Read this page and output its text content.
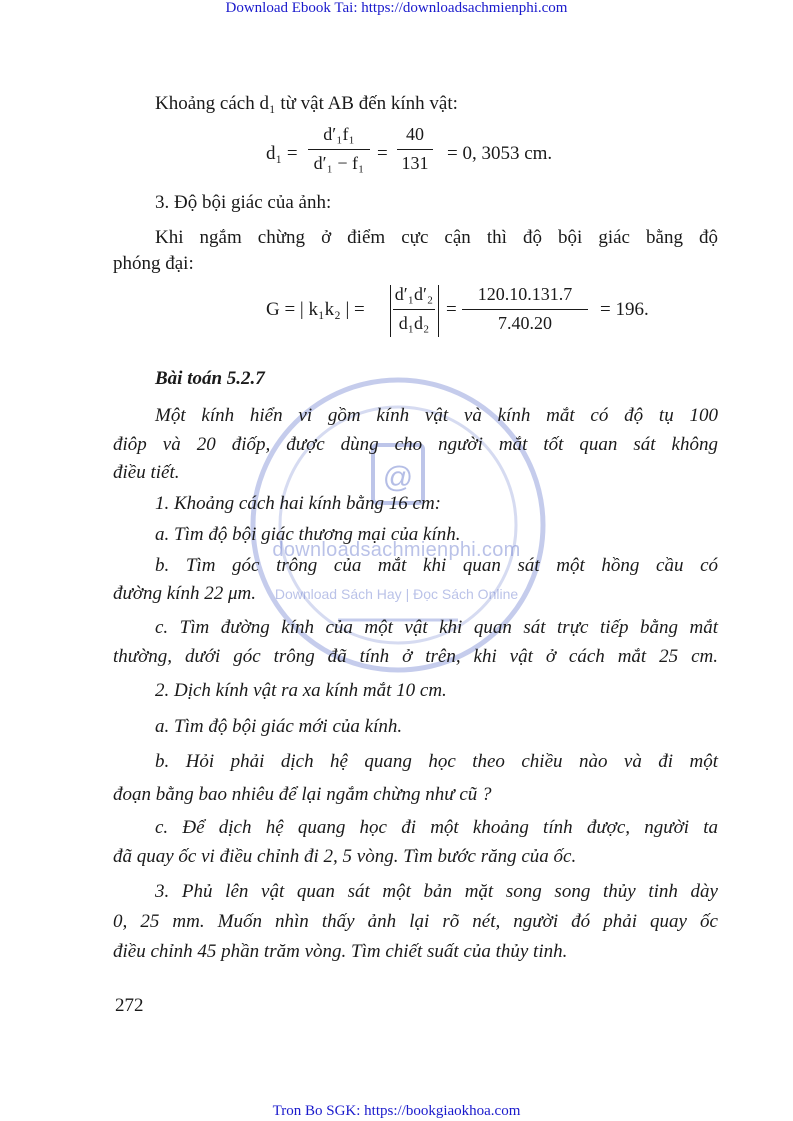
Download Ebook Tai: https://downloadsachmienphi.com
Tron Bo SGK: https://bookgiaokhoa.com
@
downloadsachmienphi.com
Download Sách Hay | Đọc Sách Online
Khoảng cách d₁ từ vật AB đến kính vật:
d₁ =
d′₁f₁
d′₁ − f₁ =
40
131 = 0, 3053 cm.
3. Độ bội giác của ảnh:
Khi ngắm chừng ở điểm cực cận thì độ bội giác bằng độ
phóng đại:
G = | k₁k₂ | =
d′₁d′₂
d₁d₂
=
120.10.131.7
7.40.20
= 196.
Bài toán 5.2.7
Một kính hiển vi gồm kính vật và kính mắt có độ tụ 100
điôp và 20 điốp, được dùng cho người mắt tốt quan sát không
điều tiết.
1. Khoảng cách hai kính bằng 16 cm:
a. Tìm độ bội giác thương mại của kính.
b. Tìm góc trông của mắt khi quan sát một hồng cầu có
đường kính 22 μm.
c. Tìm đường kính của một vật khi quan sát trực tiếp bằng mắt
thường, dưới góc trông đã tính ở trên, khi vật ở cách mắt 25 cm.
2. Dịch kính vật ra xa kính mắt 10 cm.
a. Tìm độ bội giác mới của kính.
b. Hỏi phải dịch hệ quang học theo chiều nào và đi một
đoạn bằng bao nhiêu để lại ngắm chừng như cũ ?
c. Để dịch hệ quang học đi một khoảng tính được, người ta
đã quay ốc vi điều chỉnh đi 2, 5 vòng. Tìm bước răng của ốc.
3. Phủ lên vật quan sát một bản mặt song song thủy tinh dày
0, 25 mm. Muốn nhìn thấy ảnh lại rõ nét, người đó phải quay ốc
điều chỉnh 45 phần trăm vòng. Tìm chiết suất của thủy tinh.
272
